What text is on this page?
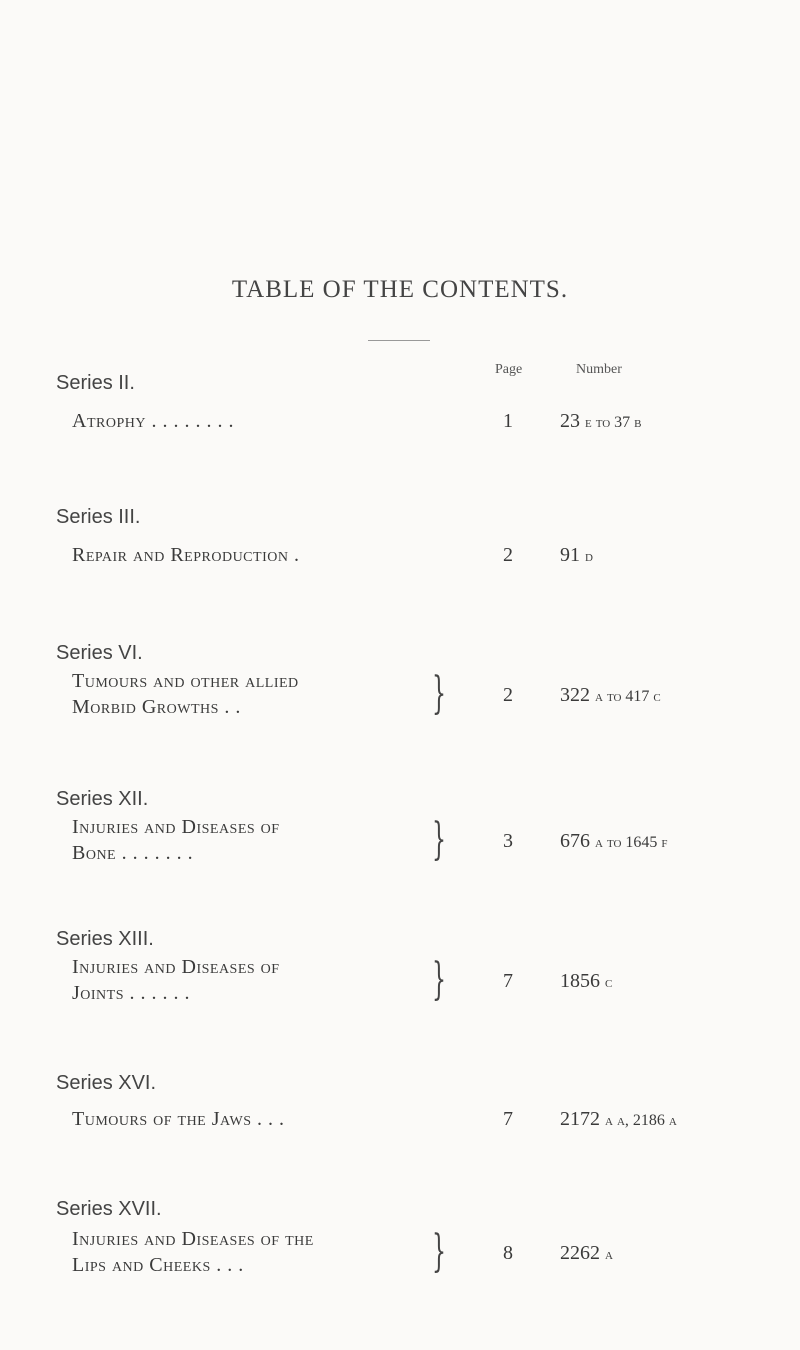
TABLE OF THE CONTENTS.
Page	Number
Series II.
Atrophy . . . . . . . .	1 23 e to 37 b
Series III.
Repair and Reproduction .	2 91 d
Series VI.
Tumours and other allied
Morbid Growths . .	}	2 322 a to 417 c
Series XII.
Injuries and Diseases of
Bone . . . . . . .	}	3 676 a to 1645 f
Series XIII.
Injuries and Diseases of
Joints . . . . . .	}	7 1856 c
Series XVI.
Tumours of the Jaws . . .	7 2172 a a, 2186 a
Series XVII.
Injuries and Diseases of the
Lips and Cheeks . . .	}	8 2262 a
